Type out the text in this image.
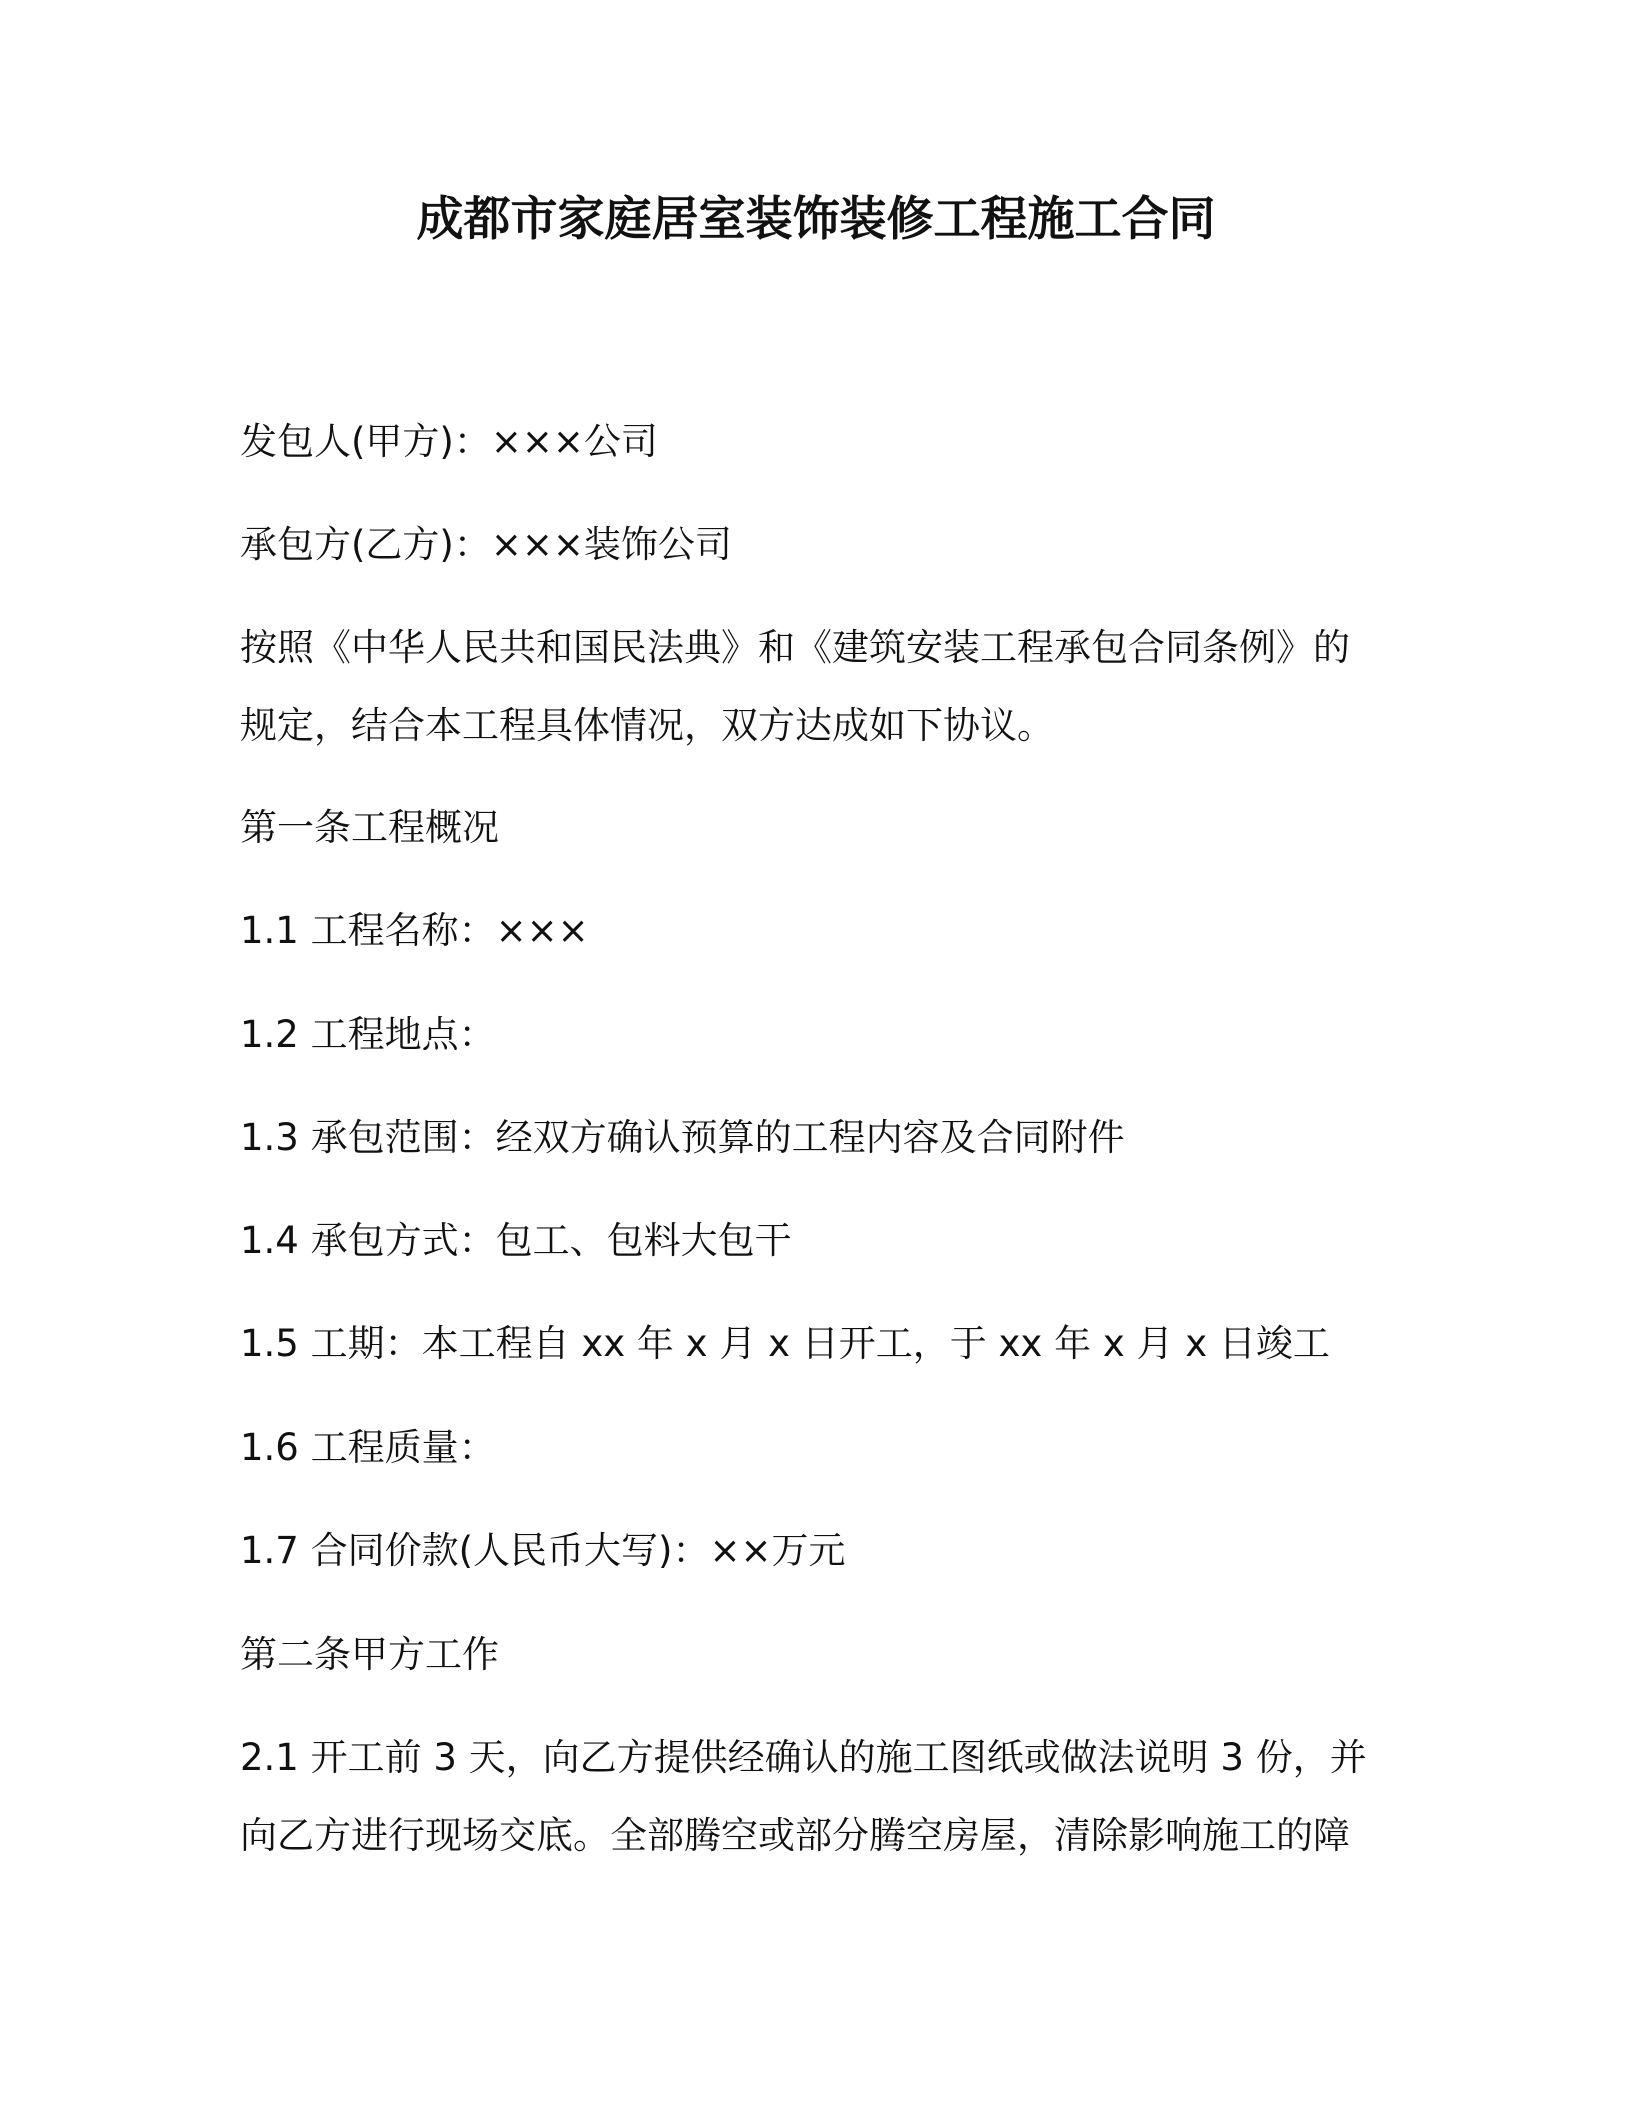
成都市家庭居室装饰装修工程施工合同
发包人(甲方)：×××公司
承包方(乙方)：×××装饰公司
按照《中华人民共和国民法典》和《建筑安装工程承包合同条例》的
规定，结合本工程具体情况，双方达成如下协议。
第一条工程概况
1.1 工程名称：×××
1.2 工程地点：
1.3 承包范围：经双方确认预算的工程内容及合同附件
1.4 承包方式：包工、包料大包干
1.5 工期：本工程自 xx 年 x 月 x 日开工，于 xx 年 x 月 x 日竣工
1.6 工程质量：
1.7 合同价款(人民币大写)：××万元
第二条甲方工作
2.1 开工前 3 天，向乙方提供经确认的施工图纸或做法说明 3 份，并
向乙方进行现场交底。全部腾空或部分腾空房屋，清除影响施工的障
